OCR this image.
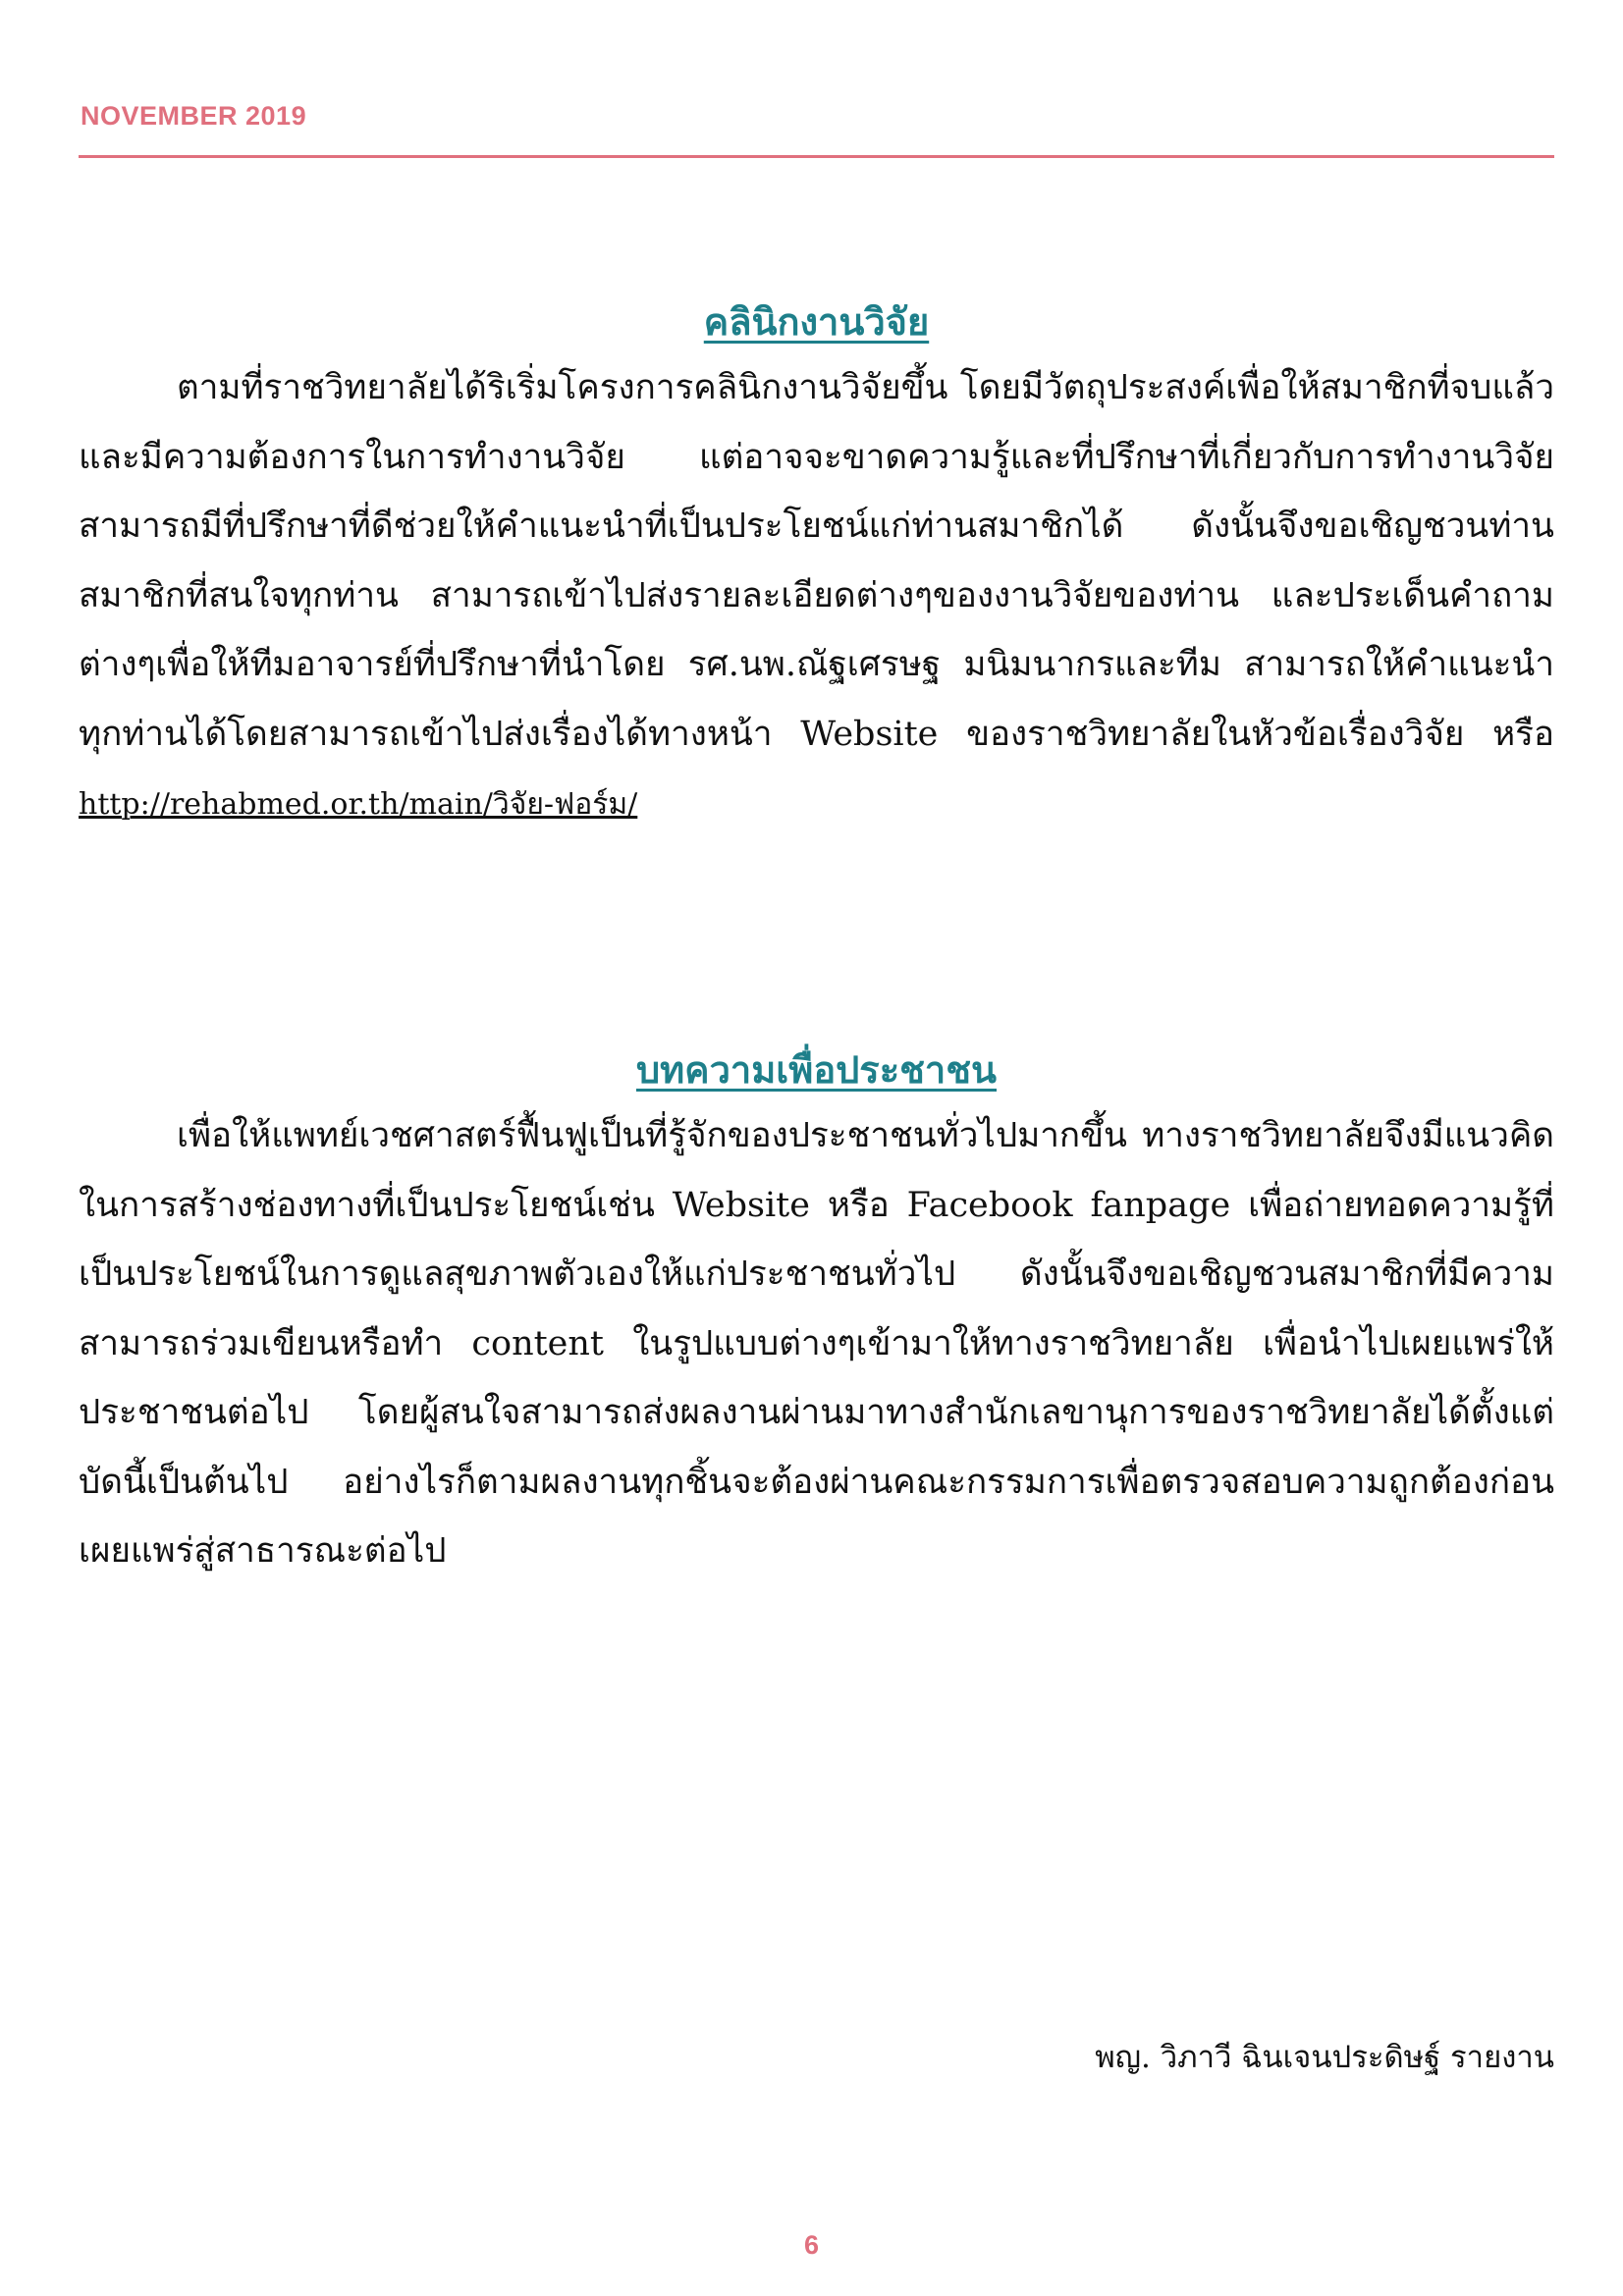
NOVEMBER 2019
คลินิกงานวิจัย

ตามที่ราชวิทยาลัยได้ริเริ่มโครงการคลินิกงานวิจัยขึ้น โดยมีวัตถุประสงค์เพื่อให้สมาชิกที่จบแล้วและมีความต้องการในการทำงานวิจัย แต่อาจจะขาดความรู้และที่ปรึกษาที่เกี่ยวกับการทำงานวิจัย สามารถมีที่ปรึกษาที่ดีช่วยให้คำแนะนำที่เป็นประโยชน์แก่ท่านสมาชิกได้ ดังนั้นจึงขอเชิญชวนท่านสมาชิกที่สนใจทุกท่าน สามารถเข้าไปส่งรายละเอียดต่างๆของงานวิจัยของท่าน และประเด็นคำถามต่างๆเพื่อให้ทีมอาจารย์ที่ปรึกษาที่นำโดย รศ.นพ.ณัฐเศรษฐ มนิมนากรและทีม สามารถให้คำแนะนำทุกท่านได้โดยสามารถเข้าไปส่งเรื่องได้ทางหน้า Website ของราชวิทยาลัยในหัวข้อเรื่องวิจัย หรือ http://rehabmed.or.th/main/วิจัย-ฟอร์ม/

บทความเพื่อประชาชน

เพื่อให้แพทย์เวชศาสตร์ฟื้นฟูเป็นที่รู้จักของประชาชนทั่วไปมากขึ้น ทางราชวิทยาลัยจึงมีแนวคิดในการสร้างช่องทางที่เป็นประโยชน์เช่น Website หรือ Facebook fanpage เพื่อถ่ายทอดความรู้ที่เป็นประโยชน์ในการดูแลสุขภาพตัวเองให้แก่ประชาชนทั่วไป ดังนั้นจึงขอเชิญชวนสมาชิกที่มีความสามารถร่วมเขียนหรือทำ content ในรูปแบบต่างๆเข้ามาให้ทางราชวิทยาลัย เพื่อนำไปเผยแพร่ให้ประชาชนต่อไป โดยผู้สนใจสามารถส่งผลงานผ่านมาทางสำนักเลขานุการของราชวิทยาลัยได้ตั้งแต่บัดนี้เป็นต้นไป อย่างไรก็ตามผลงานทุกชิ้นจะต้องผ่านคณะกรรมการเพื่อตรวจสอบความถูกต้องก่อนเผยแพร่สู่สาธารณะต่อไป

พญ. วิภาวี ฉินเจนประดิษฐ์ รายงาน
6
